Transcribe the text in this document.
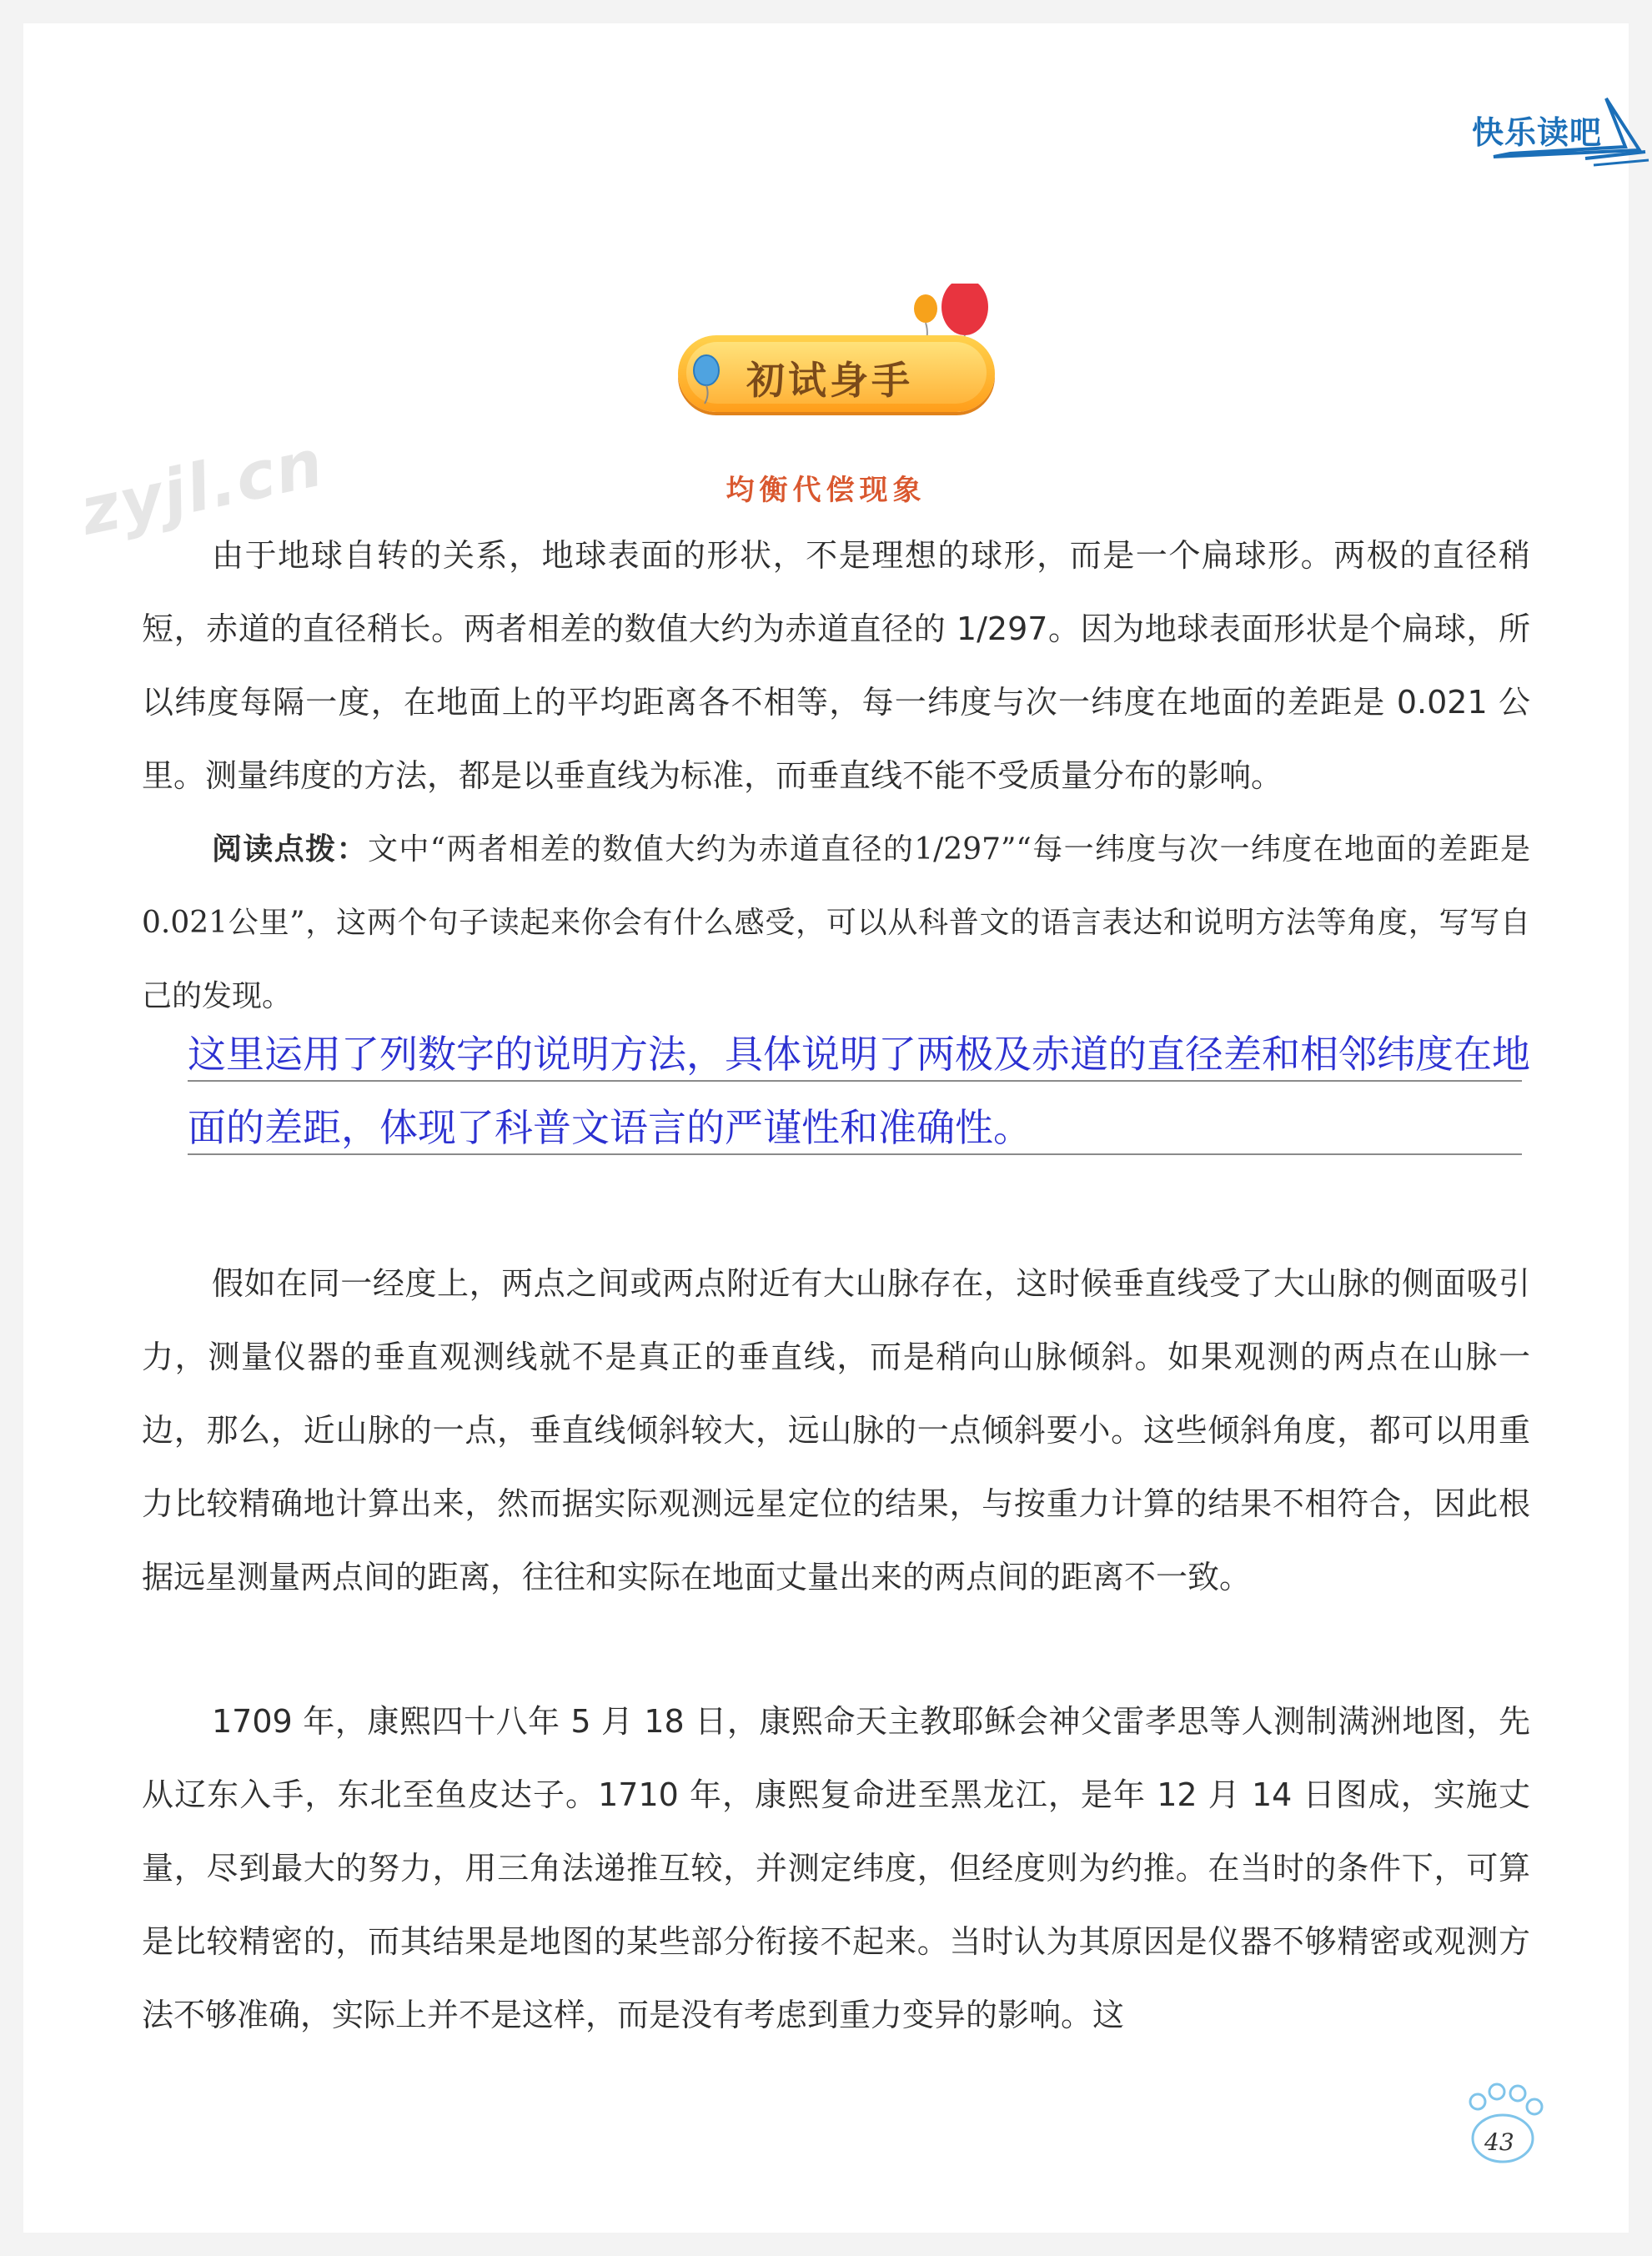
快乐读吧
zyjl.cn
初试身手
均衡代偿现象

由于地球自转的关系，地球表面的形状，不是理想的球形，而是一个扁球形。两极的直径稍短，赤道的直径稍长。两者相差的数值大约为赤道直径的 1/297。因为地球表面形状是个扁球，所以纬度每隔一度，在地面上的平均距离各不相等，每一纬度与次一纬度在地面的差距是 0.021 公里。测量纬度的方法，都是以垂直线为标准，而垂直线不能不受质量分布的影响。

阅读点拨：文中“两者相差的数值大约为赤道直径的1/297”“每一纬度与次一纬度在地面的差距是0.021公里”，这两个句子读起来你会有什么感受，可以从科普文的语言表达和说明方法等角度，写写自己的发现。

这里运用了列数字的说明方法，具体说明了两极及赤道的直径差和相邻纬度在地面的差距，体现了科普文语言的严谨性和准确性。

假如在同一经度上，两点之间或两点附近有大山脉存在，这时候垂直线受了大山脉的侧面吸引力，测量仪器的垂直观测线就不是真正的垂直线，而是稍向山脉倾斜。如果观测的两点在山脉一边，那么，近山脉的一点，垂直线倾斜较大，远山脉的一点倾斜要小。这些倾斜角度，都可以用重力比较精确地计算出来，然而据实际观测远星定位的结果，与按重力计算的结果不相符合，因此根据远星测量两点间的距离，往往和实际在地面丈量出来的两点间的距离不一致。

1709 年，康熙四十八年 5 月 18 日，康熙命天主教耶稣会神父雷孝思等人测制满洲地图，先从辽东入手，东北至鱼皮达子。1710 年，康熙复命进至黑龙江，是年 12 月 14 日图成，实施丈量，尽到最大的努力，用三角法递推互较，并测定纬度，但经度则为约推。在当时的条件下，可算是比较精密的，而其结果是地图的某些部分衔接不起来。当时认为其原因是仪器不够精密或观测方法不够准确，实际上并不是这样，而是没有考虑到重力变异的影响。这

43
